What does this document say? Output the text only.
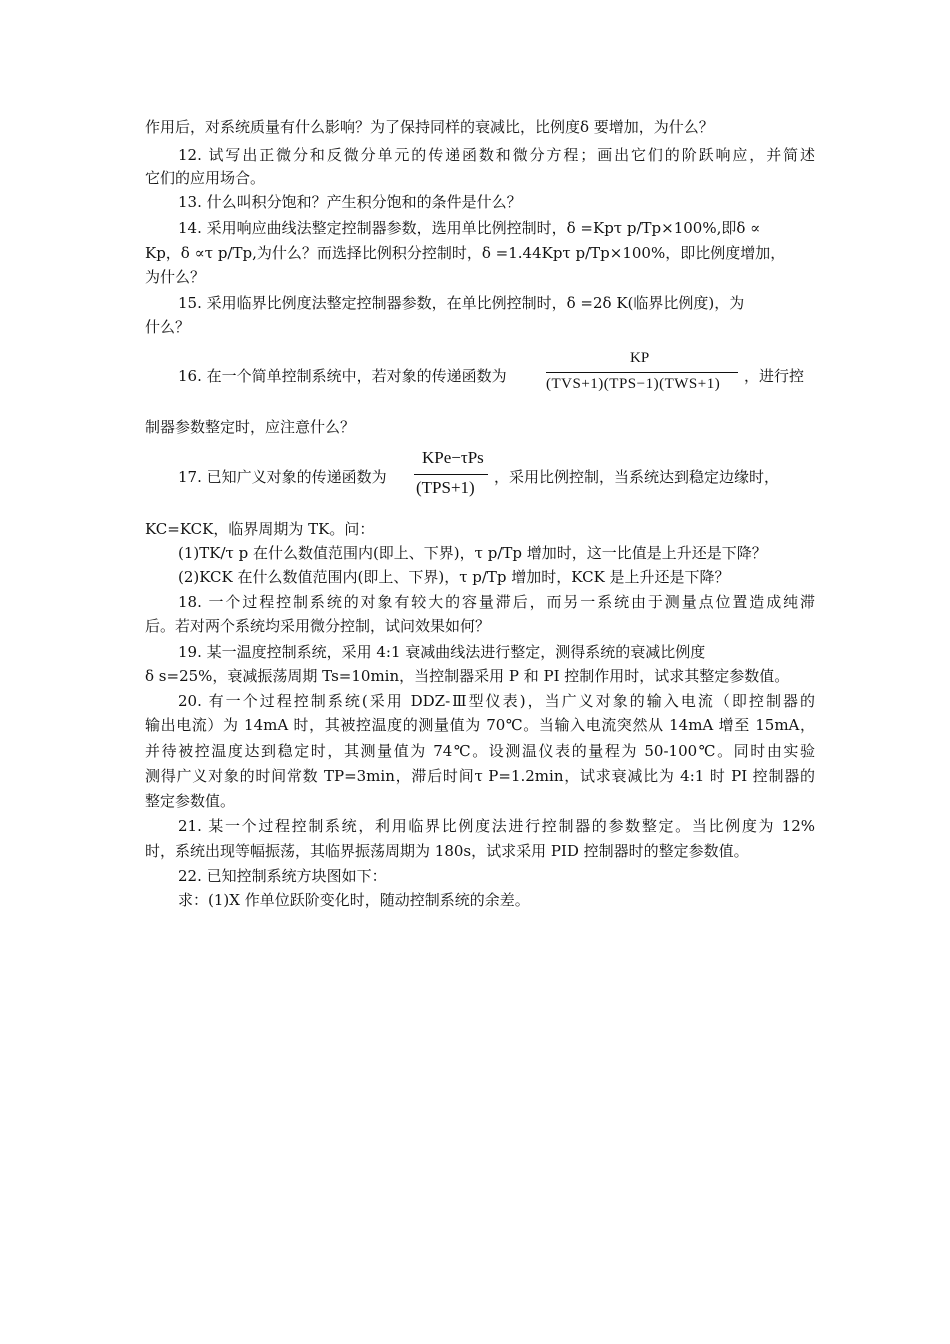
作用后，对系统质量有什么影响？为了保持同样的衰减比，比例度δ 要增加，为什么？
12. 试写出正微分和反微分单元的传递函数和微分方程；画出它们的阶跃响应，并简述
它们的应用场合。
13. 什么叫积分饱和？产生积分饱和的条件是什么？
14. 采用响应曲线法整定控制器参数，选用单比例控制时，δ =Kpτ p/Tp×100%,即δ ∝
Kp，δ ∝τ p/Tp,为什么？而选择比例积分控制时，δ =1.44Kpτ p/Tp×100%，即比例度增加，
为什么？
15. 采用临界比例度法整定控制器参数，在单比例控制时，δ =2δ K(临界比例度)，为
什么？
16. 在一个简单控制系统中，若对象的传递函数为
KP
(TVS+1)(TPS−1)(TWS+1) ，进行控
制器参数整定时，应注意什么？
17. 已知广义对象的传递函数为
KPe−τPs
(TPS+1)
，采用比例控制，当系统达到稳定边缘时，
KC=KCK，临界周期为 TK。问：
(1)TK/τ p 在什么数值范围内(即上、下界)，τ p/Tp 增加时，这一比值是上升还是下降？
(2)KCK 在什么数值范围内(即上、下界)，τ p/Tp 增加时，KCK 是上升还是下降？
18. 一个过程控制系统的对象有较大的容量滞后，而另一系统由于测量点位置造成纯滞
后。若对两个系统均采用微分控制，试问效果如何？
19. 某一温度控制系统，采用 4:1 衰减曲线法进行整定，测得系统的衰减比例度
δ s=25%，衰减振荡周期 Ts=10min，当控制器采用 P 和 PI 控制作用时，试求其整定参数值。
20. 有一个过程控制系统(采用 DDZ-Ⅲ型仪表)，当广义对象的输入电流（即控制器的
输出电流）为 14mA 时，其被控温度的测量值为 70℃。当输入电流突然从 14mA 增至 15mA，
并待被控温度达到稳定时，其测量值为 74℃。设测温仪表的量程为 50-100℃。同时由实验
测得广义对象的时间常数 TP=3min，滞后时间τ P=1.2min，试求衰减比为 4:1 时 PI 控制器的
整定参数值。
21. 某一个过程控制系统，利用临界比例度法进行控制器的参数整定。当比例度为 12%
时，系统出现等幅振荡，其临界振荡周期为 180s，试求采用 PID 控制器时的整定参数值。
22. 已知控制系统方块图如下：
求：(1)X 作单位跃阶变化时，随动控制系统的余差。
